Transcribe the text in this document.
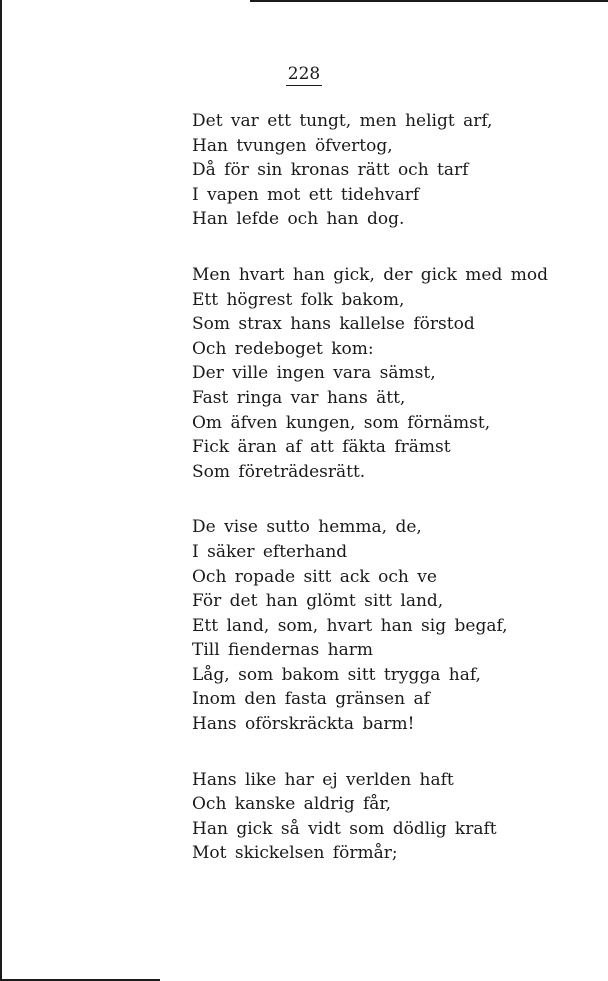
228
Det var ett tungt, men heligt arf,
Han tvungen öfvertog,
Då för sin kronas rätt och tarf
I vapen mot ett tidehvarf
Han lefde och han dog.
Men hvart han gick, der gick med mod
Ett högrest folk bakom,
Som strax hans kallelse förstod
Och redeboget kom:
Der ville ingen vara sämst,
Fast ringa var hans ätt,
Om äfven kungen, som förnämst,
Fick äran af att fäkta främst
Som företrädesrätt.
De vise sutto hemma, de,
I säker efterhand
Och ropade sitt ack och ve
För det han glömt sitt land,
Ett land, som, hvart han sig begaf,
Till fiendernas harm
Låg, som bakom sitt trygga haf,
Inom den fasta gränsen af
Hans oförskräckta barm!
Hans like har ej verlden haft
Och kanske aldrig får,
Han gick så vidt som dödlig kraft
Mot skickelsen förmår;
